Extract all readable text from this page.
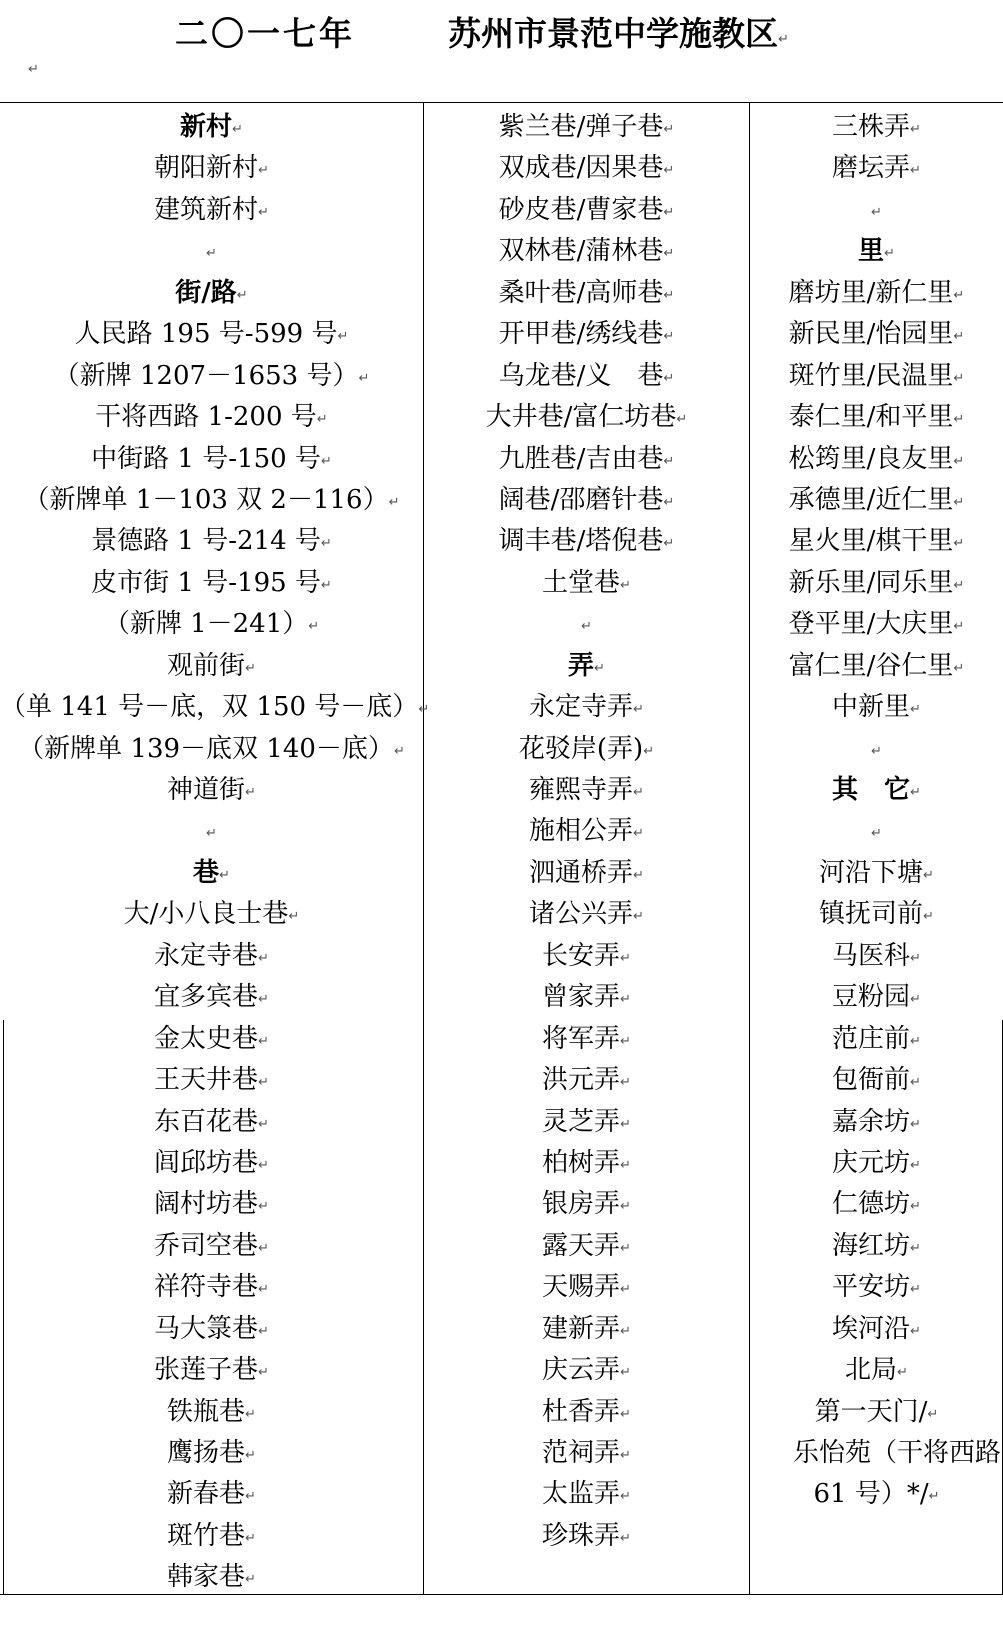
二〇一七年	苏州市景范中学施教区↵
↵
新村↵
朝阳新村↵
建筑新村↵
↵
街/路↵
人民路 195 号-599 号↵
（新牌 1207－1653 号）↵
干将西路 1-200 号↵
中街路 1 号-150 号↵
（新牌单 1－103 双 2－116）↵
景德路 1 号-214 号↵
皮市街 1 号-195 号↵
（新牌 1－241）↵
观前街↵
（单 141 号－底，双 150 号－底）↵
（新牌单 139－底双 140－底）↵
神道街↵
↵
巷↵
大/小八良士巷↵
永定寺巷↵
宜多宾巷↵
金太史巷↵
王天井巷↵
东百花巷↵
闾邱坊巷↵
阔村坊巷↵
乔司空巷↵
祥符寺巷↵
马大箓巷↵
张莲子巷↵
铁瓶巷↵
鹰扬巷↵
新春巷↵
斑竹巷↵
韩家巷↵
紫兰巷/弹子巷↵
双成巷/因果巷↵
砂皮巷/曹家巷↵
双林巷/蒲林巷↵
桑叶巷/高师巷↵
开甲巷/绣线巷↵
乌龙巷/义　巷↵
大井巷/富仁坊巷↵
九胜巷/吉由巷↵
阔巷/邵磨针巷↵
调丰巷/塔倪巷↵
土堂巷↵
↵
弄↵
永定寺弄↵
花驳岸(弄)↵
雍熙寺弄↵
施相公弄↵
泗通桥弄↵
诸公兴弄↵
长安弄↵
曾家弄↵
将军弄↵
洪元弄↵
灵芝弄↵
柏树弄↵
银房弄↵
露天弄↵
天赐弄↵
建新弄↵
庆云弄↵
杜香弄↵
范祠弄↵
太监弄↵
珍珠弄↵
三株弄↵
磨坛弄↵
↵
里↵
磨坊里/新仁里↵
新民里/怡园里↵
斑竹里/民温里↵
泰仁里/和平里↵
松筠里/良友里↵
承德里/近仁里↵
星火里/棋干里↵
新乐里/同乐里↵
登平里/大庆里↵
富仁里/谷仁里↵
中新里↵
↵
其　它↵
↵
河沿下塘↵
镇抚司前↵
马医科↵
豆粉园↵
范庄前↵
包衙前↵
嘉余坊↵
庆元坊↵
仁德坊↵
海红坊↵
平安坊↵
埃河沿↵
北局↵
第一天门/↵
乐怡苑（干将西路
61 号）*/↵
